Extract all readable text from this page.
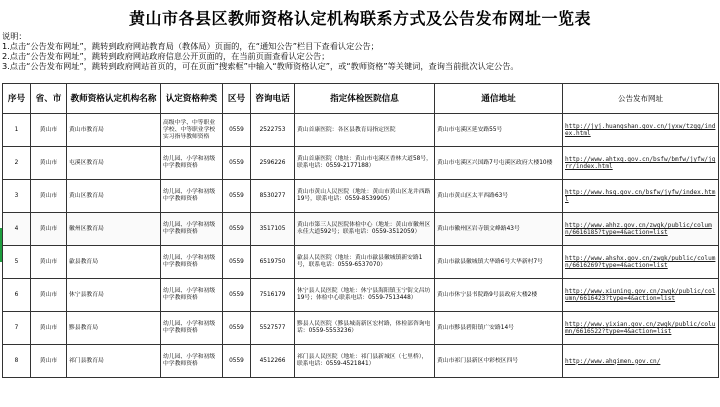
黄山市各县区教师资格认定机构联系方式及公告发布网址一览表
说明：
1.点击“公告发布网址”，跳转到政府网站教育局（教体局）页面的，在“通知公告”栏目下查看认定公告；
2.点击“公告发布网址”，跳转到政府网站政府信息公开页面的，在当前页面查看认定公告；
3.点击“公告发布网址”，跳转到政府网站首页的，可在页面“搜索框”中输入“教师资格认定”，或“教师资格”等关键词，查询当前批次认定公告。
序号	省、市	教师资格认定机构名称	认定资格种类	区号	咨询电话	指定体检医院信息	通信地址	公告发布网址
1	黄山市	黄山市教育局	高级中学、中等职业学校、中等职业学校实习指导教师资格	0559	2522753	黄山首康医院：各区县教育局指定医院	黄山市屯溪区延安路55号	http://jyj.huangshan.gov.cn/jyxw/tzgg/index.html
2	黄山市	屯溪区教育局	幼儿园、小学和初级中学教师资格	0559	2596226	黄山首康医院（地址：黄山市屯溪区香林大道58号，联系电话：0559-2177188）	黄山市屯溪区兴国路7号屯溪区政府大楼10楼	http://www.ahtxq.gov.cn/bsfw/bmfw/jyfw/jgrr/index.html
3	黄山市	黄山区教育局	幼儿园、小学和初级中学教师资格	0559	8530277	黄山市黄山人民医院（地址：黄山市黄山区龙井西路19号，联系电话：0559-8539905）	黄山市黄山区太平西路63号	http://www.hsq.gov.cn/bsfw/jyfw/index.html
4	黄山市	徽州区教育局	幼儿园、小学和初级中学教师资格	0559	3517105	黄山市第三人民医院体检中心（地址：黄山市徽州区永佳大道592号；联系电话：0559-3512059）	黄山市徽州区岩寺镇文峰路43号	http://www.ahhz.gov.cn/zwgk/public/column/6616185?type=4&action=list
5	黄山市	歙县教育局	幼儿园、小学和初级中学教师资格	0559	6519750	歙县人民医院（地址：黄山市歙县徽城镇新安路1号，联系电话：0559-6537070）	黄山市歙县徽城镇大华路6号大华新村7号	http://www.ahshx.gov.cn/zwgk/public/column/6616269?type=4&action=list
6	黄山市	休宁县教育局	幼儿园、小学和初级中学教师资格	0559	7516179	休宁县人民医院（地址：休宁县海阳镇玉宁街文昌坊19号；体检中心联系电话：0559-7513448）	黄山市休宁县书院路9号县政府大楼2楼	http://www.xiuning.gov.cn/zwgk/public/column/6616423?type=4&action=list
7	黄山市	黟县教育局	幼儿园、小学和初级中学教师资格	0559	5527577	黟县人民医院（黟县城南新区宏村路，体检部咨询电话：0559-5553236）	黄山市黟县碧阳镇广安路14号	http://www.yixian.gov.cn/zwgk/public/column/6616522?type=4&action=list
8	黄山市	祁门县教育局	幼儿园、小学和初级中学教师资格	0559	4512266	祁门县人民医院（地址：祁门县新城区（七里桥），联系电话：0559-4521841）	黄山市祁门县新区中彩校区四号	http://www.ahqimen.gov.cn/
